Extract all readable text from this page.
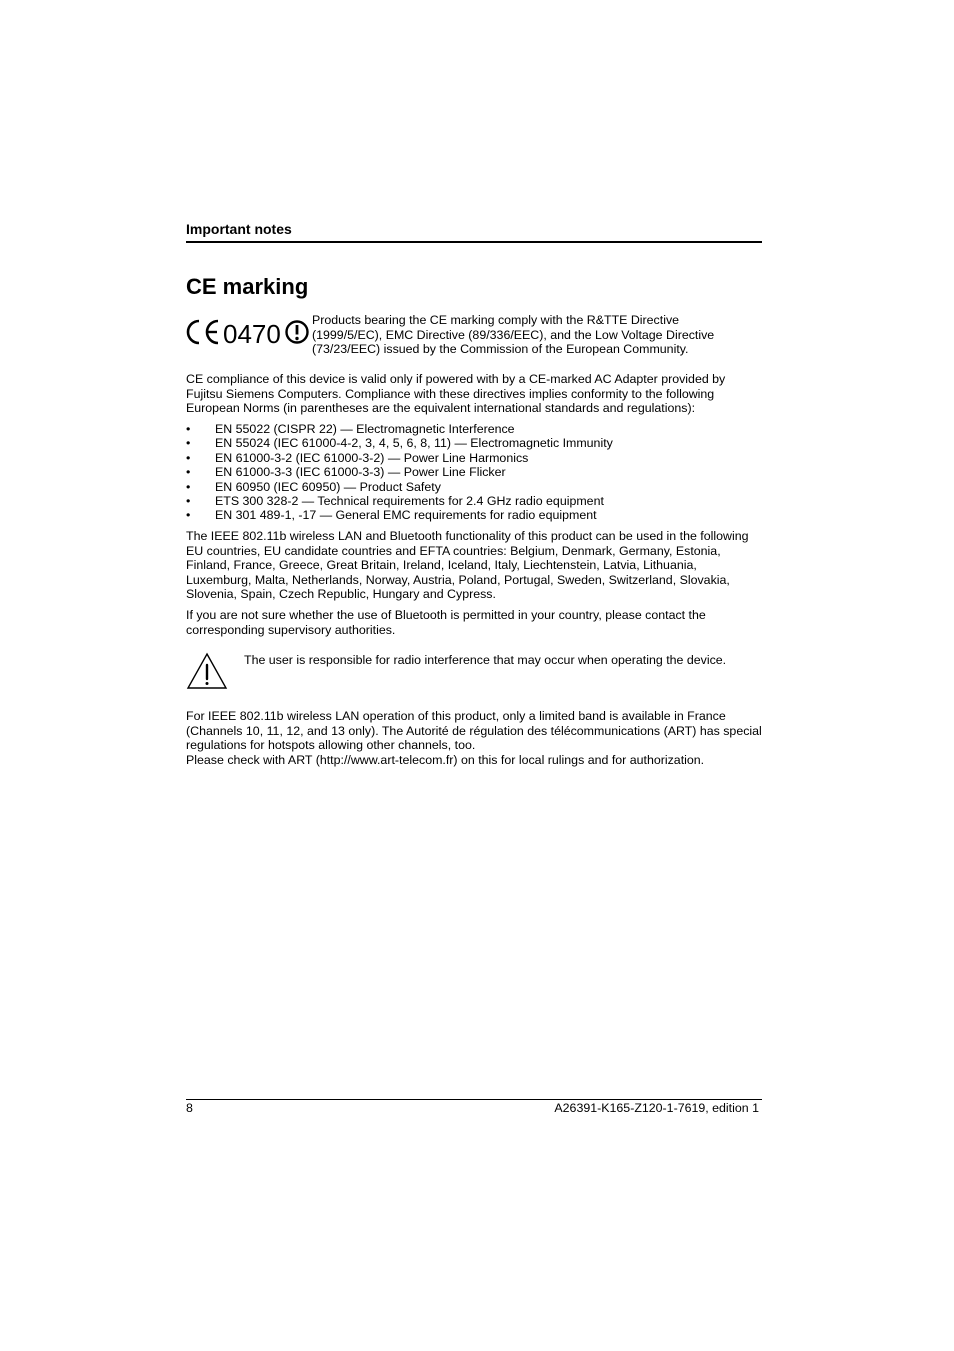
Important notes
CE marking
0470	Products bearing the CE marking comply with the R&TTE Directive (1999/5/EC), EMC Directive (89/336/EEC), and the Low Voltage Directive (73/23/EEC) issued by the Commission of the European Community.

CE compliance of this device is valid only if powered with by a CE-marked AC Adapter provided by Fujitsu Siemens Computers. Compliance with these directives implies conformity to the following European Norms (in parentheses are the equivalent international standards and regulations):

• EN 55022 (CISPR 22) — Electromagnetic Interference
• EN 55024 (IEC 61000-4-2, 3, 4, 5, 6, 8, 11) — Electromagnetic Immunity
• EN 61000-3-2 (IEC 61000-3-2) — Power Line Harmonics
• EN 61000-3-3 (IEC 61000-3-3) — Power Line Flicker
• EN 60950 (IEC 60950) — Product Safety
• ETS 300 328-2 — Technical requirements for 2.4 GHz radio equipment
• EN 301 489-1, -17 — General EMC requirements for radio equipment

The IEEE 802.11b wireless LAN and Bluetooth functionality of this product can be used in the following EU countries, EU candidate countries and EFTA countries: Belgium, Denmark, Germany, Estonia, Finland, France, Greece, Great Britain, Ireland, Iceland, Italy, Liechtenstein, Latvia, Lithuania, Luxemburg, Malta, Netherlands, Norway, Austria, Poland, Portugal, Sweden, Switzerland, Slovakia, Slovenia, Spain, Czech Republic, Hungary and Cypress.

If you are not sure whether the use of Bluetooth is permitted in your country, please contact the corresponding supervisory authorities.

The user is responsible for radio interference that may occur when operating the device.

For IEEE 802.11b wireless LAN operation of this product, only a limited band is available in France (Channels 10, 11, 12, and 13 only). The Autorité de régulation des télécommunications (ART) has special regulations for hotspots allowing other channels, too.
Please check with ART (http://www.art-telecom.fr) on this for local rulings and for authorization.

8	A26391-K165-Z120-1-7619, edition 1
